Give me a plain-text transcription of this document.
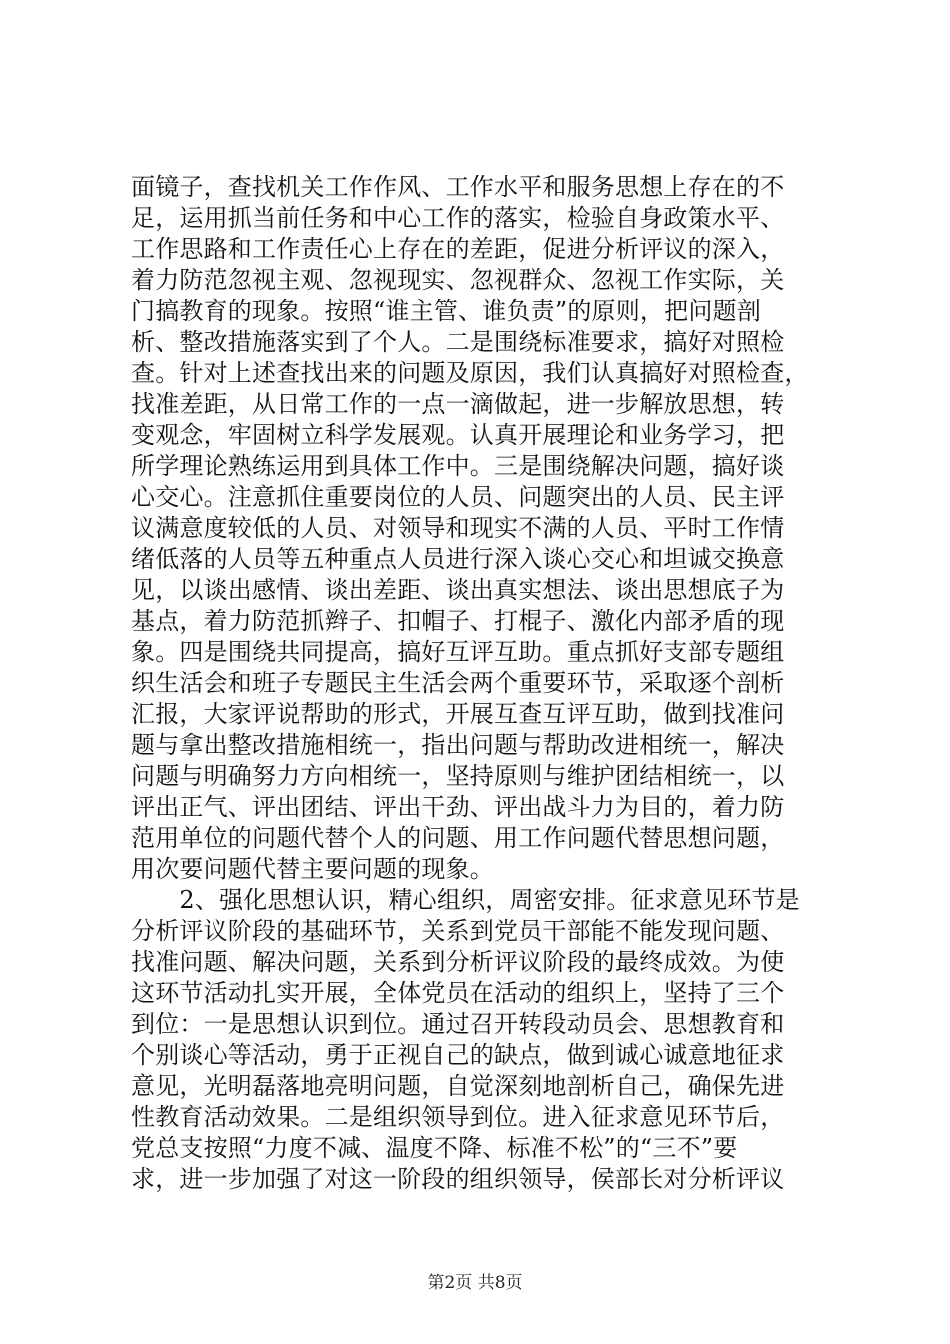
面镜子，查找机关工作作风、工作水平和服务思想上存在的不
足，运用抓当前任务和中心工作的落实，检验自身政策水平、
工作思路和工作责任心上存在的差距，促进分析评议的深入，
着力防范忽视主观、忽视现实、忽视群众、忽视工作实际，关
门搞教育的现象。按照“谁主管、谁负责”的原则，把问题剖
析、整改措施落实到了个人。二是围绕标准要求，搞好对照检
查。针对上述查找出来的问题及原因，我们认真搞好对照检查，
找准差距，从日常工作的一点一滴做起，进一步解放思想，转
变观念，牢固树立科学发展观。认真开展理论和业务学习，把
所学理论熟练运用到具体工作中。三是围绕解决问题，搞好谈
心交心。注意抓住重要岗位的人员、问题突出的人员、民主评
议满意度较低的人员、对领导和现实不满的人员、平时工作情
绪低落的人员等五种重点人员进行深入谈心交心和坦诚交换意
见，以谈出感情、谈出差距、谈出真实想法、谈出思想底子为
基点，着力防范抓辫子、扣帽子、打棍子、激化内部矛盾的现
象。四是围绕共同提高，搞好互评互助。重点抓好支部专题组
织生活会和班子专题民主生活会两个重要环节，采取逐个剖析
汇报，大家评说帮助的形式，开展互查互评互助，做到找准问
题与拿出整改措施相统一，指出问题与帮助改进相统一，解决
问题与明确努力方向相统一，坚持原则与维护团结相统一，以
评出正气、评出团结、评出干劲、评出战斗力为目的，着力防
范用单位的问题代替个人的问题、用工作问题代替思想问题，
用次要问题代替主要问题的现象。
　　2、强化思想认识，精心组织，周密安排。征求意见环节是
分析评议阶段的基础环节，关系到党员干部能不能发现问题、
找准问题、解决问题，关系到分析评议阶段的最终成效。为使
这环节活动扎实开展，全体党员在活动的组织上，坚持了三个
到位：一是思想认识到位。通过召开转段动员会、思想教育和
个别谈心等活动，勇于正视自己的缺点，做到诚心诚意地征求
意见，光明磊落地亮明问题，自觉深刻地剖析自己，确保先进
性教育活动效果。二是组织领导到位。进入征求意见环节后，
党总支按照“力度不减、温度不降、标准不松”的“三不”要
求，进一步加强了对这一阶段的组织领导，侯部长对分析评议
第2页 共8页
